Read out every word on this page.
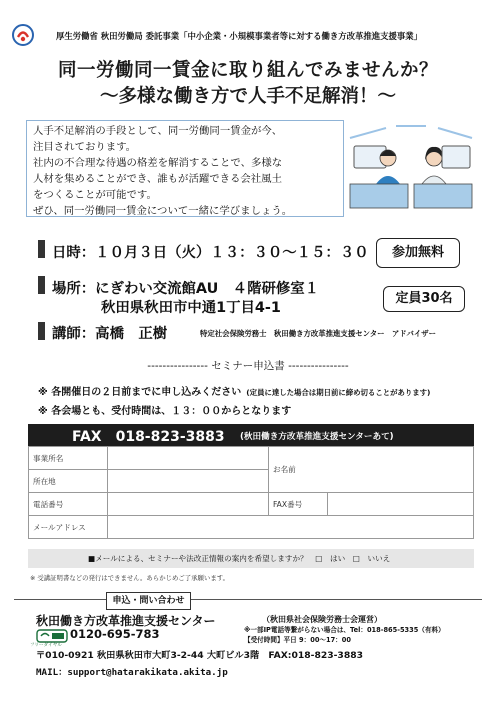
厚生労働省 秋田労働局 委託事業「中小企業・小規模事業者等に対する働き方改革推進支援事業」
同一労働同一賃金に取り組んでみませんか？
～多様な働き方で人手不足解消！～
人手不足解消の手段として、同一労働同一賃金が今、
注目されております。
社内の不合理な待遇の格差を解消することで、多様な
人材を集めることができ、誰もが活躍できる会社風土
をつくることが可能です。
ぜひ、同一労働同一賃金について一緒に学びましょう。
日時：１０月３日（火）１３：３０～１５：３０	参加無料
場所：にぎわい交流館AU　４階研修室１
秋田県秋田市中通1丁目4-1
定員30名
講師：高橋　正樹	特定社会保険労務士　秋田働き方改革推進支援センター　アドバイザー
---------------- セミナー申込書 ----------------
※ 各開催日の２日前までに申し込みください (定員に達した場合は期日前に締め切ることがあります)
※ 各会場とも、受付時間は、１３：００からとなります
FAX　018-823-3883 (秋田働き方改革推進支援センターあて)
事業所名		お名前	
所在地			
電話番号		FAX番号	
メールアドレス			
■メールによる、セミナーや法改正情報の案内を希望しますか？　□　はい　□　いいえ
※ 受講証明書などの発行はできません。あらかじめご了承願います。
申込・問い合わせ
秋田働き方改革推進支援センター	（秋田県社会保険労務士会運営）
フリーダイヤル
0120-695-783	※一部IP電話等繋がらない場合は、Tel：018-865-5335（有料）
【受付時間】平日 9：00～17：00
〒010-0921 秋田県秋田市大町3-2-44 大町ビル3階　FAX:018-823-3883
MAIL：support@hatarakikata.akita.jp
